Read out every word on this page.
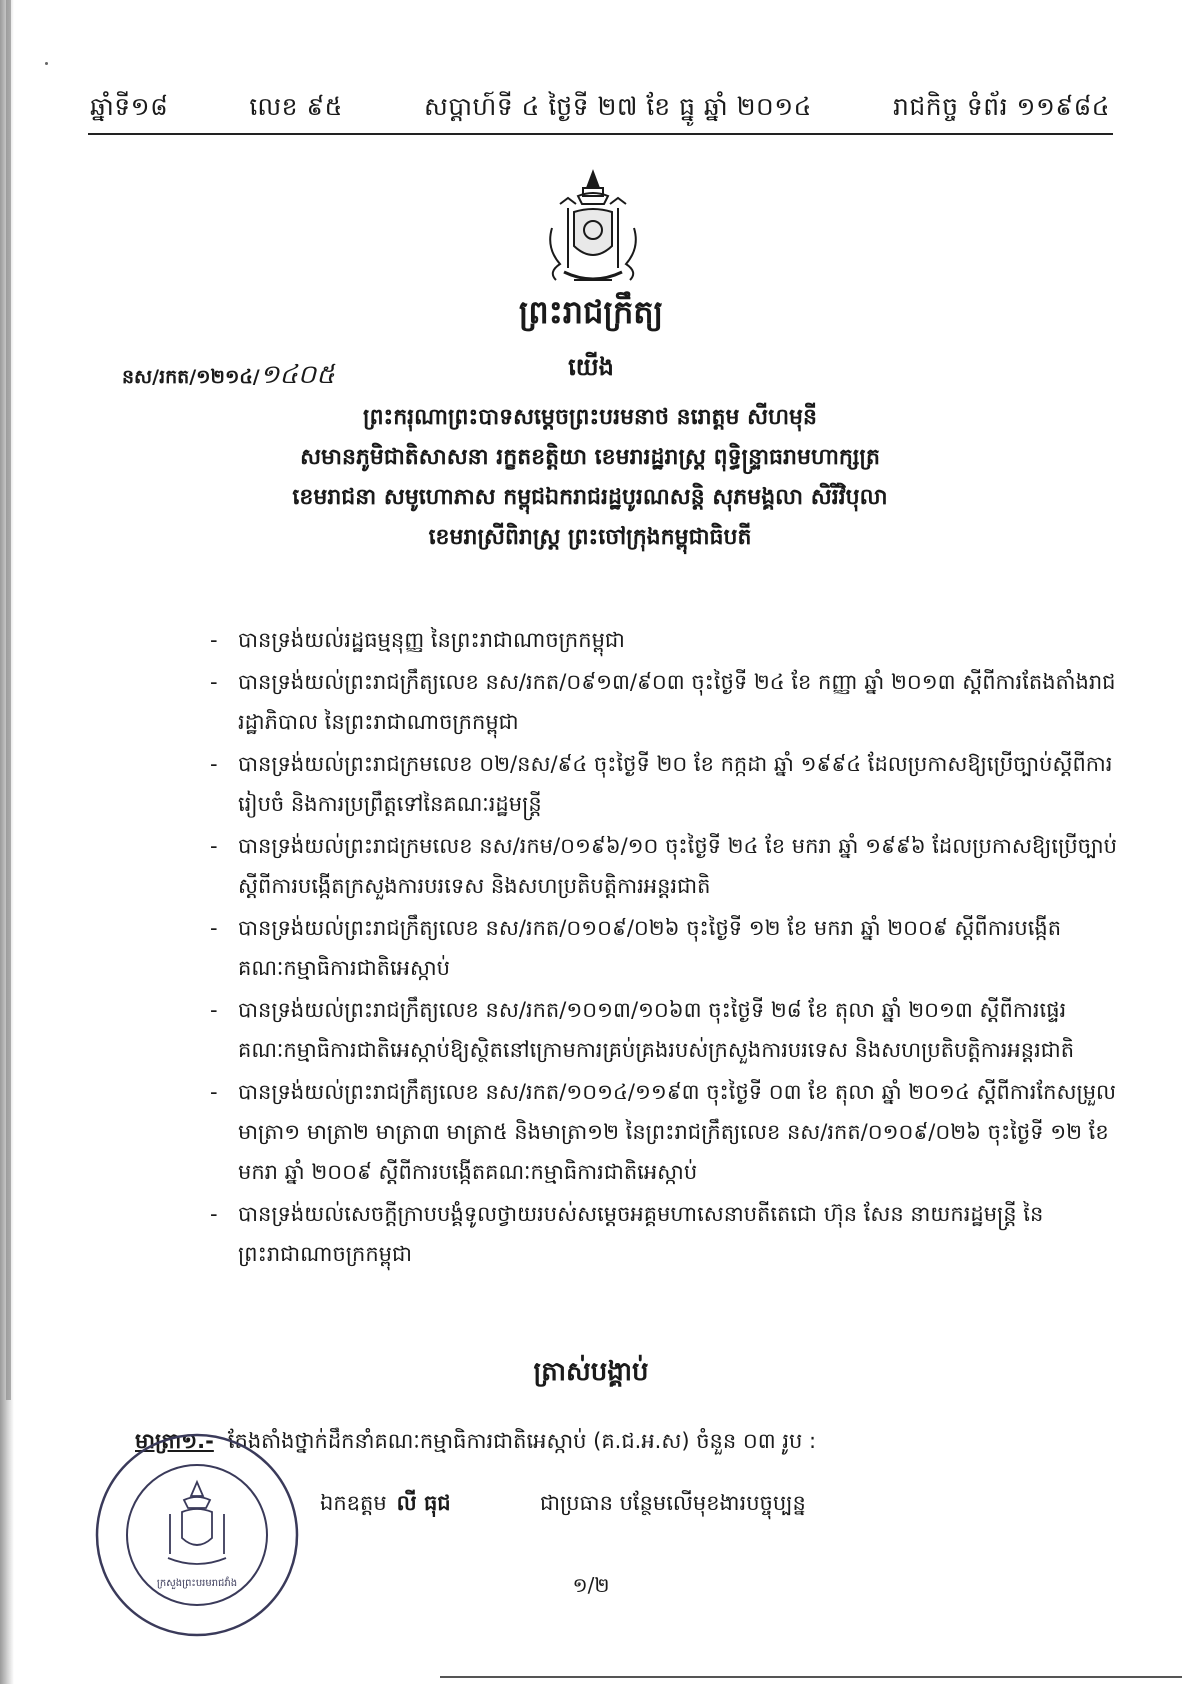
ឆ្នាំទី១៨	លេខ ៩៥	សប្តាហ៍ទី ៤ ថ្ងៃទី ២៧ ខែ ធ្នូ ឆ្នាំ ២០១៤	រាជកិច្ច ទំព័រ ១១៩៨៤
ព្រះរាជក្រឹត្យ
នស/រកត/១២១៤/១៤០៥	យើង
ព្រះករុណាព្រះបាទសម្តេចព្រះបរមនាថ នរោត្តម សីហមុនី
សមានភូមិជាតិសាសនា រក្ខតខត្តិយា ខេមរារដ្ឋរាស្ត្រ ពុទ្ធិន្ទ្រាធរាមហាក្សត្រ
ខេមរាជនា សមូហោភាស កម្ពុជឯករាជរដ្ឋបូរណសន្តិ សុភមង្គលា សិរីវិបុលា
ខេមរាស្រីពិរាស្ត្រ ព្រះចៅក្រុងកម្ពុជាធិបតី
- បានទ្រង់យល់រដ្ឋធម្មនុញ្ញ នៃព្រះរាជាណាចក្រកម្ពុជា
- បានទ្រង់យល់ព្រះរាជក្រឹត្យលេខ នស/រកត/០៩១៣/៩០៣ ចុះថ្ងៃទី ២៤ ខែ កញ្ញា ឆ្នាំ ២០១៣ ស្តីពីការតែងតាំងរាជរដ្ឋាភិបាល នៃព្រះរាជាណាចក្រកម្ពុជា
- បានទ្រង់យល់ព្រះរាជក្រមលេខ ០២/នស/៩៤ ចុះថ្ងៃទី ២០ ខែ កក្កដា ឆ្នាំ ១៩៩៤ ដែលប្រកាសឱ្យប្រើច្បាប់ស្តីពីការរៀបចំ និងការប្រព្រឹត្តទៅនៃគណៈរដ្ឋមន្ត្រី
- បានទ្រង់យល់ព្រះរាជក្រមលេខ នស/រកម/០១៩៦/១០ ចុះថ្ងៃទី ២៤ ខែ មករា ឆ្នាំ ១៩៩៦ ដែលប្រកាសឱ្យប្រើច្បាប់ស្តីពីការបង្កើតក្រសួងការបរទេស និងសហប្រតិបត្តិការអន្តរជាតិ
- បានទ្រង់យល់ព្រះរាជក្រឹត្យលេខ នស/រកត/០១០៩/០២៦ ចុះថ្ងៃទី ១២ ខែ មករា ឆ្នាំ ២០០៩ ស្តីពីការបង្កើតគណៈកម្មាធិការជាតិអេស្កាប់
- បានទ្រង់យល់ព្រះរាជក្រឹត្យលេខ នស/រកត/១០១៣/១០៦៣ ចុះថ្ងៃទី ២៨ ខែ តុលា ឆ្នាំ ២០១៣ ស្តីពីការផ្ទេរគណៈកម្មាធិការជាតិអេស្កាប់ឱ្យស្ថិតនៅក្រោមការគ្រប់គ្រងរបស់ក្រសួងការបរទេស និងសហប្រតិបត្តិការអន្តរជាតិ
- បានទ្រង់យល់ព្រះរាជក្រឹត្យលេខ នស/រកត/១០១៤/១១៩៣ ចុះថ្ងៃទី ០៣ ខែ តុលា ឆ្នាំ ២០១៤ ស្តីពីការកែសម្រួលមាត្រា១ មាត្រា២ មាត្រា៣ មាត្រា៥ និងមាត្រា១២ នៃព្រះរាជក្រឹត្យលេខ នស/រកត/០១០៩/០២៦ ចុះថ្ងៃទី ១២ ខែ មករា ឆ្នាំ ២០០៩ ស្តីពីការបង្កើតគណៈកម្មាធិការជាតិអេស្កាប់
- បានទ្រង់យល់សេចក្តីក្រាបបង្គំទូលថ្វាយរបស់សម្តេចអគ្គមហាសេនាបតីតេជោ ហ៊ុន សែន នាយករដ្ឋមន្ត្រី នៃព្រះរាជាណាចក្រកម្ពុជា
ត្រាស់បង្គាប់
មាត្រា១.- តែងតាំងថ្នាក់ដឹកនាំគណៈកម្មាធិការជាតិអេស្កាប់ (គ.ជ.អ.ស) ចំនួន ០៣ រូប :
ឯកឧត្តម លី ធុជ	ជាប្រធាន បន្ថែមលើមុខងារបច្ចុប្បន្ន
ក្រសួងព្រះបរមរាជវាំង	១/២
